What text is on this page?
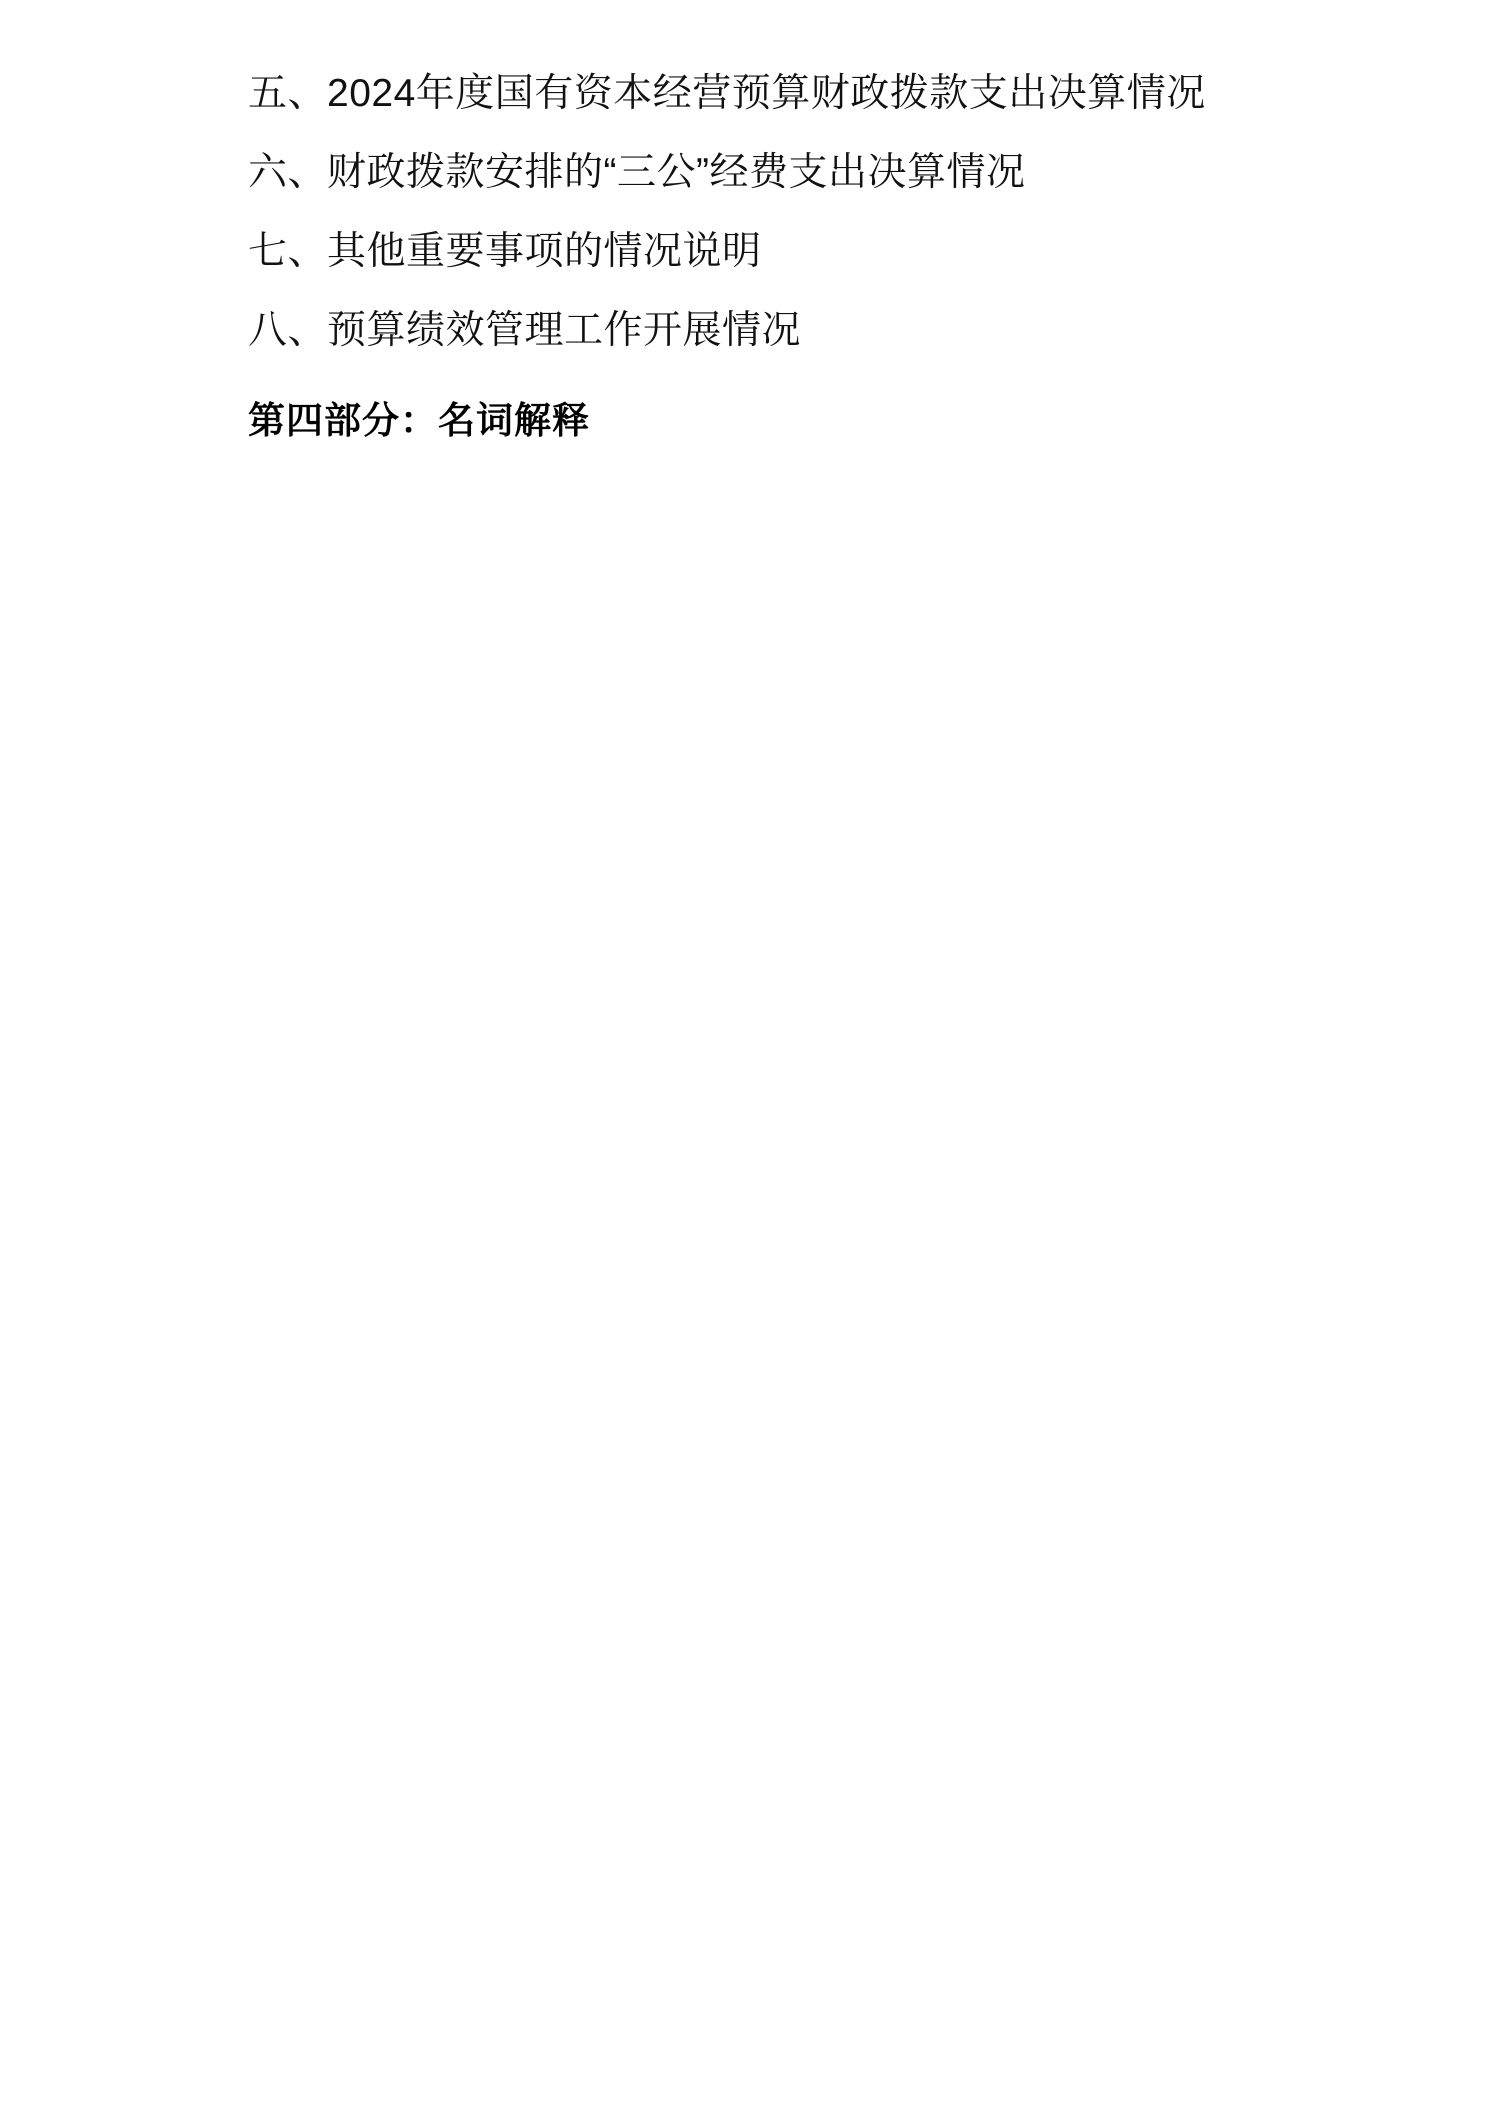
五、2024年度国有资本经营预算财政拨款支出决算情况
六、财政拨款安排的“三公”经费支出决算情况
七、其他重要事项的情况说明
八、预算绩效管理工作开展情况
第四部分：名词解释
